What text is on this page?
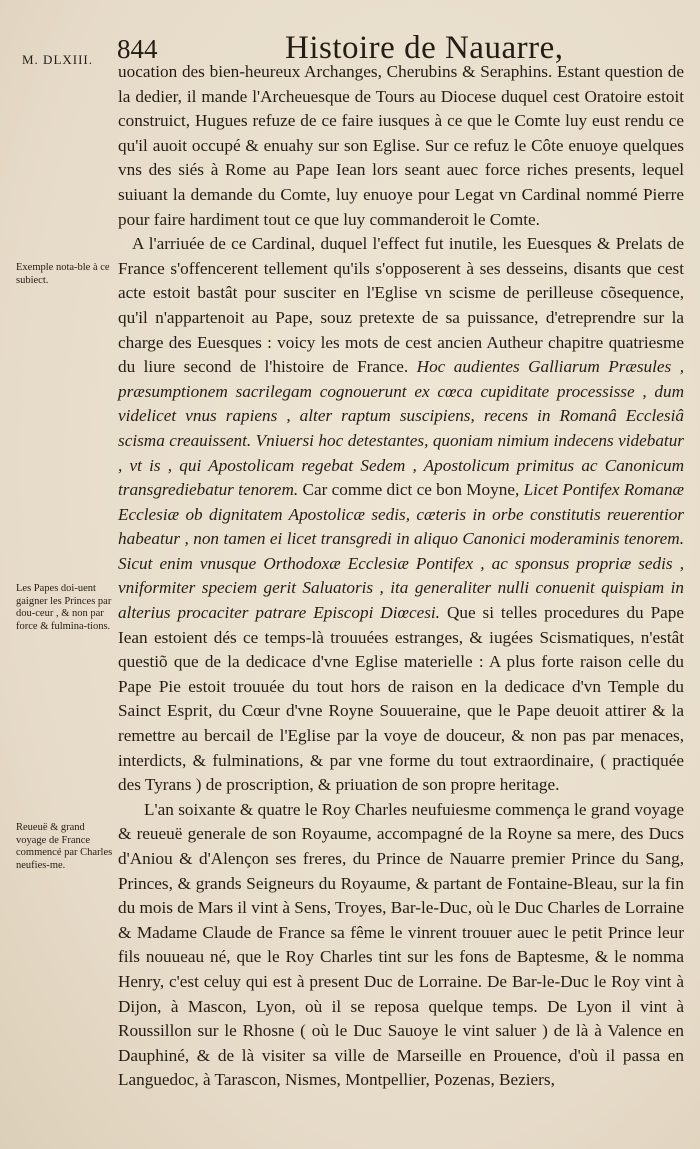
M. DLXIII. 844	Histoire de Nauarre,
Exemple nota-ble à ce subiect.
Les Papes doi-uent gaigner les Princes par dou-ceur , & non par force & fulmina-tions.
Reueuë & grand voyage de France commencé par Charles neufies-me.

uocation des bien-heureux Archanges, Cherubins & Seraphins. Estant question de la dedier, il mande l'Archeuesque de Tours au Diocese duquel cest Oratoire estoit construict, Hugues refuze de ce faire iusques à ce que le Comte luy eust rendu ce qu'il auoit occupé & enuahy sur son Eglise. Sur ce refuz le Côte enuoye quelques vns des siés à Rome au Pape Iean lors seant auec force riches presents, lequel suiuant la demande du Comte, luy enuoye pour Legat vn Cardinal nommé Pierre pour faire hardiment tout ce que luy commanderoit le Comte.

A l'arriuée de ce Cardinal, duquel l'effect fut inutile, les Euesques & Prelats de France s'offencerent tellement qu'ils s'opposerent à ses desseins, disants que cest acte estoit bastât pour susciter en l'Eglise vn scisme de perilleuse cõsequence, qu'il n'appartenoit au Pape, souz pretexte de sa puissance, d'etreprendre sur la charge des Euesques : voicy les mots de cest ancien Autheur chapitre quatriesme du liure second de l'histoire de France. Hoc audientes Galliarum Præsules , præsumptionem sacrilegam cognouerunt ex cœca cupiditate processisse , dum videlicet vnus rapiens , alter raptum suscipiens, recens in Romanâ Ecclesiâ scisma creauissent. Vniuersi hoc detestantes, quoniam nimium indecens videbatur , vt is , qui Apostolicam regebat Sedem , Apostolicum primitus ac Canonicum transgrediebatur tenorem. Car comme dict ce bon Moyne, Licet Pontifex Romanæ Ecclesiæ ob dignitatem Apostolicæ sedis, cæteris in orbe constitutis reuerentior habeatur , non tamen ei licet transgredi in aliquo Canonici moderaminis tenorem. Sicut enim vnusque Orthodoxæ Ecclesiæ Pontifex , ac sponsus propriæ sedis , vniformiter speciem gerit Saluatoris , ita generaliter nulli conuenit quispiam in alterius procaciter patrare Episcopi Diœcesi. Que si telles procedures du Pape Iean estoient dés ce temps-là trouuées estranges, & iugées Scismatiques, n'estât questiõ que de la dedicace d'vne Eglise materielle : A plus forte raison celle du Pape Pie estoit trouuée du tout hors de raison en la dedicace d'vn Temple du Sainct Esprit, du Cœur d'vne Royne Souueraine, que le Pape deuoit attirer & la remettre au bercail de l'Eglise par la voye de douceur, & non pas par menaces, interdicts, & fulminations, & par vne forme du tout extraordinaire, ( practiquée des Tyrans ) de proscription, & priuation de son propre heritage.

L'an soixante & quatre le Roy Charles neufuiesme commença le grand voyage & reueuë generale de son Royaume, accompagné de la Royne sa mere, des Ducs d'Aniou & d'Alençon ses freres, du Prince de Nauarre premier Prince du Sang, Princes, & grands Seigneurs du Royaume, & partant de Fontaine-Bleau, sur la fin du mois de Mars il vint à Sens, Troyes, Bar-le-Duc, où le Duc Charles de Lorraine & Madame Claude de France sa fême le vinrent trouuer auec le petit Prince leur fils nouueau né, que le Roy Charles tint sur les fons de Baptesme, & le nomma Henry, c'est celuy qui est à present Duc de Lorraine. De Bar-le-Duc le Roy vint à Dijon, à Mascon, Lyon, où il se reposa quelque temps. De Lyon il vint à Roussillon sur le Rhosne ( où le Duc Sauoye le vint saluer ) de là à Valence en Dauphiné, & de là visiter sa ville de Marseille en Prouence, d'où il passa en Languedoc, à Tarascon, Nismes, Montpellier, Pozenas, Beziers,
